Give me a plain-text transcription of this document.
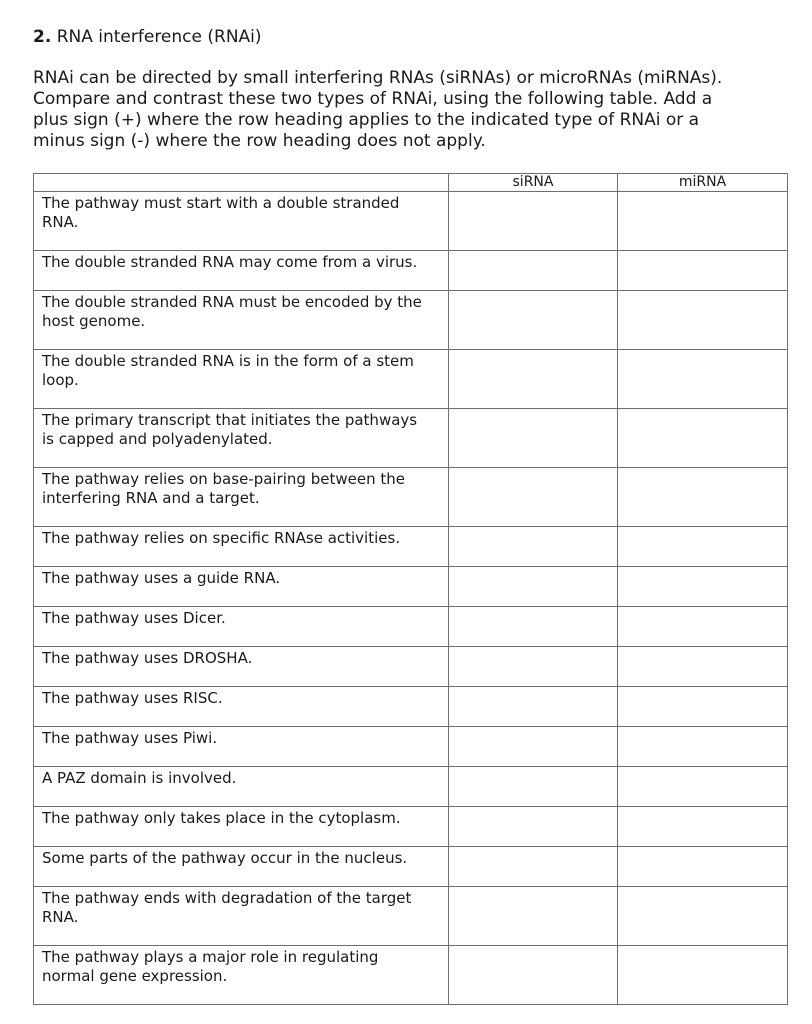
2. RNA interference (RNAi)

RNAi can be directed by small interfering RNAs (siRNAs) or microRNAs (miRNAs).

Compare and contrast these two types of RNAi, using the following table. Add a

plus sign (+) where the row heading applies to the indicated type of RNAi or a

minus sign (-) where the row heading does not apply.

	siRNA	miRNA

The pathway must start with a double stranded
RNA.		

The double stranded RNA may come from a virus.		

The double stranded RNA must be encoded by the
host genome.		

The double stranded RNA is in the form of a stem
loop.		

The primary transcript that initiates the pathways
is capped and polyadenylated.		

The pathway relies on base-pairing between the
interfering RNA and a target.		

The pathway relies on specific RNAse activities.		

The pathway uses a guide RNA.		

The pathway uses Dicer.		

The pathway uses DROSHA.		

The pathway uses RISC.		

The pathway uses Piwi.		

A PAZ domain is involved.		

The pathway only takes place in the cytoplasm.		

Some parts of the pathway occur in the nucleus.		

The pathway ends with degradation of the target
RNA.		

The pathway plays a major role in regulating
normal gene expression.		
